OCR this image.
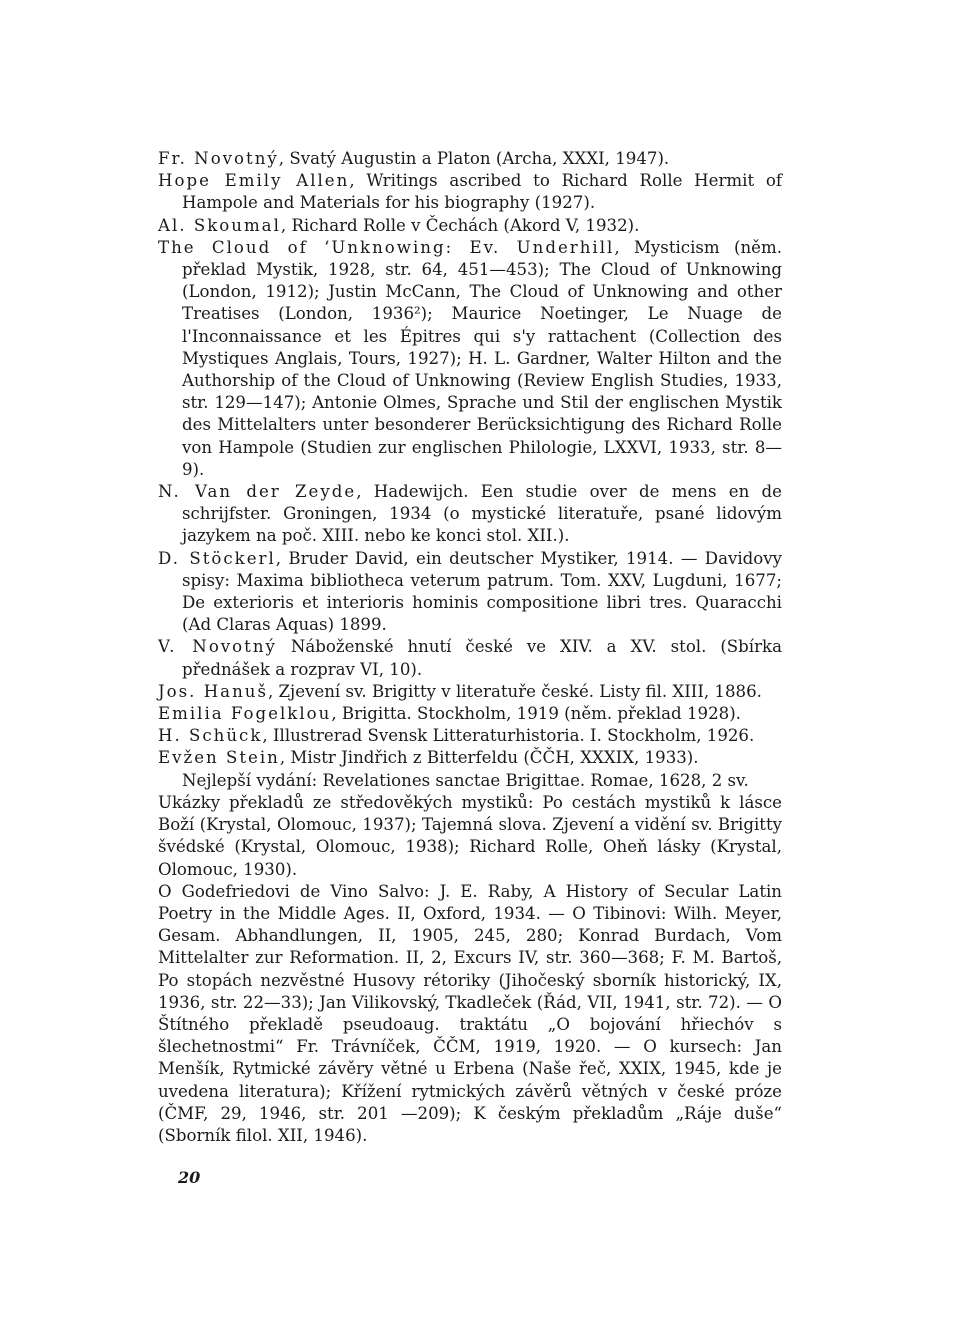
Fr. Novotný, Svatý Augustin a Platon (Archa, XXXI, 1947).

Hope Emily Allen, Writings ascribed to Richard Rolle Hermit of Hampole and Materials for his biography (1927).

Al. Skoumal, Richard Rolle v Čechách (Akord V, 1932).

The Cloud of ‘Unknowing: Ev. Underhill, Mysticism (něm. překlad Mystik, 1928, str. 64, 451—453); The Cloud of Unknowing (London, 1912); Justin McCann, The Cloud of Unknowing and other Treatises (London, 1936²); Maurice Noetinger, Le Nuage de l'Inconnaissance et les Épitres qui s'y rattachent (Collection des Mystiques Anglais, Tours, 1927); H. L. Gardner, Walter Hilton and the Authorship of the Cloud of Unknowing (Review English Studies, 1933, str. 129—147); Antonie Olmes, Sprache und Stil der englischen Mystik des Mittelalters unter besonderer Berücksichtigung des Richard Rolle von Hampole (Studien zur englischen Philologie, LXXVI, 1933, str. 8—9).

N. Van der Zeyde, Hadewijch. Een studie over de mens en de schrijfster. Groningen, 1934 (o mystické literatuře, psané lidovým jazykem na poč. XIII. nebo ke konci stol. XII.).

D. Stöckerl, Bruder David, ein deutscher Mystiker, 1914. — Davidovy spisy: Maxima bibliotheca veterum patrum. Tom. XXV, Lugduni, 1677; De exterioris et interioris hominis compositione libri tres. Quaracchi (Ad Claras Aquas) 1899.

V. Novotný Náboženské hnutí české ve XIV. a XV. stol. (Sbírka přednášek a rozprav VI, 10).

Jos. Hanuš, Zjevení sv. Brigitty v literatuře české. Listy fil. XIII, 1886.

Emilia Fogelklou, Brigitta. Stockholm, 1919 (něm. překlad 1928).

H. Schück, Illustrerad Svensk Litteraturhistoria. I. Stockholm, 1926.

Evžen Stein, Mistr Jindřich z Bitterfeldu (ČČH, XXXIX, 1933).

Nejlepší vydání: Revelationes sanctae Brigittae. Romae, 1628, 2 sv. Ukázky překladů ze středověkých mystiků: Po cestách mystiků k lásce Boží (Krystal, Olomouc, 1937); Tajemná slova. Zjevení a vidění sv. Brigitty švédské (Krystal, Olomouc, 1938); Richard Rolle, Oheň lásky (Krystal, Olomouc, 1930).

O Godefriedovi de Vino Salvo: J. E. Raby, A History of Secular Latin Poetry in the Middle Ages. II, Oxford, 1934. — O Tibinovi: Wilh. Meyer, Gesam. Abhandlungen, II, 1905, 245, 280; Konrad Burdach, Vom Mittelalter zur Reformation. II, 2, Excurs IV, str. 360—368; F. M. Bartoš, Po stopách nezvěstné Husovy rétoriky (Jihočeský sborník historický, IX, 1936, str. 22—33); Jan Vilikovský, Tkadleček (Řád, VII, 1941, str. 72). — O Štítného překladě pseudoaug. traktátu „O bojování hřiechóv s šlechetnostmi“ Fr. Trávníček, ČČM, 1919, 1920. — O kursech: Jan Menšík, Rytmické závěry větné u Erbena (Naše řeč, XXIX, 1945, kde je uvedena literatura); Křížení rytmických závěrů větných v české próze (ČMF, 29, 1946, str. 201 —209); K českým překladům „Ráje duše“ (Sborník filol. XII, 1946).

20
